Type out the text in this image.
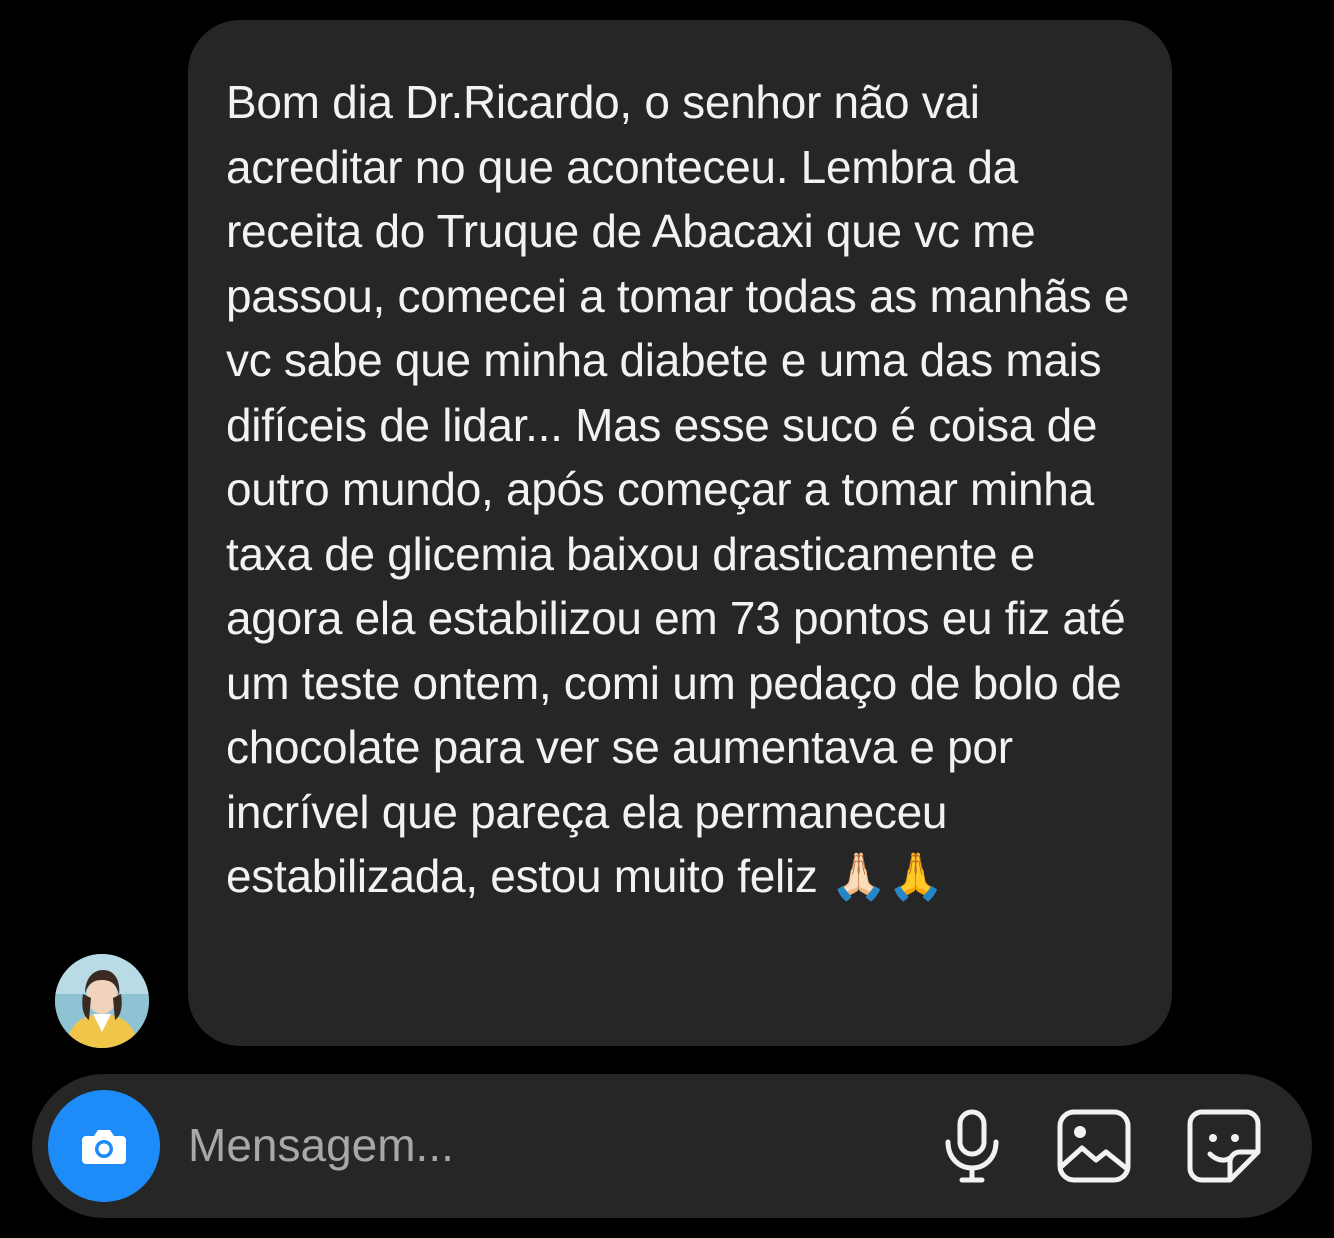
Bom dia Dr.Ricardo, o senhor não vai acreditar no que aconteceu. Lembra da receita do Truque de Abacaxi que vc me passou, comecei a tomar todas as manhãs e vc sabe que minha diabete e uma das mais difíceis de lidar... Mas esse suco é coisa de outro mundo, após começar a tomar minha taxa de glicemia baixou drasticamente e agora ela estabilizou em 73 pontos eu fiz até um teste ontem, comi um pedaço de bolo de chocolate para ver se aumentava e por incrível que pareça ela permaneceu estabilizada, estou muito feliz 🙏🏻🙏

Mensagem...
